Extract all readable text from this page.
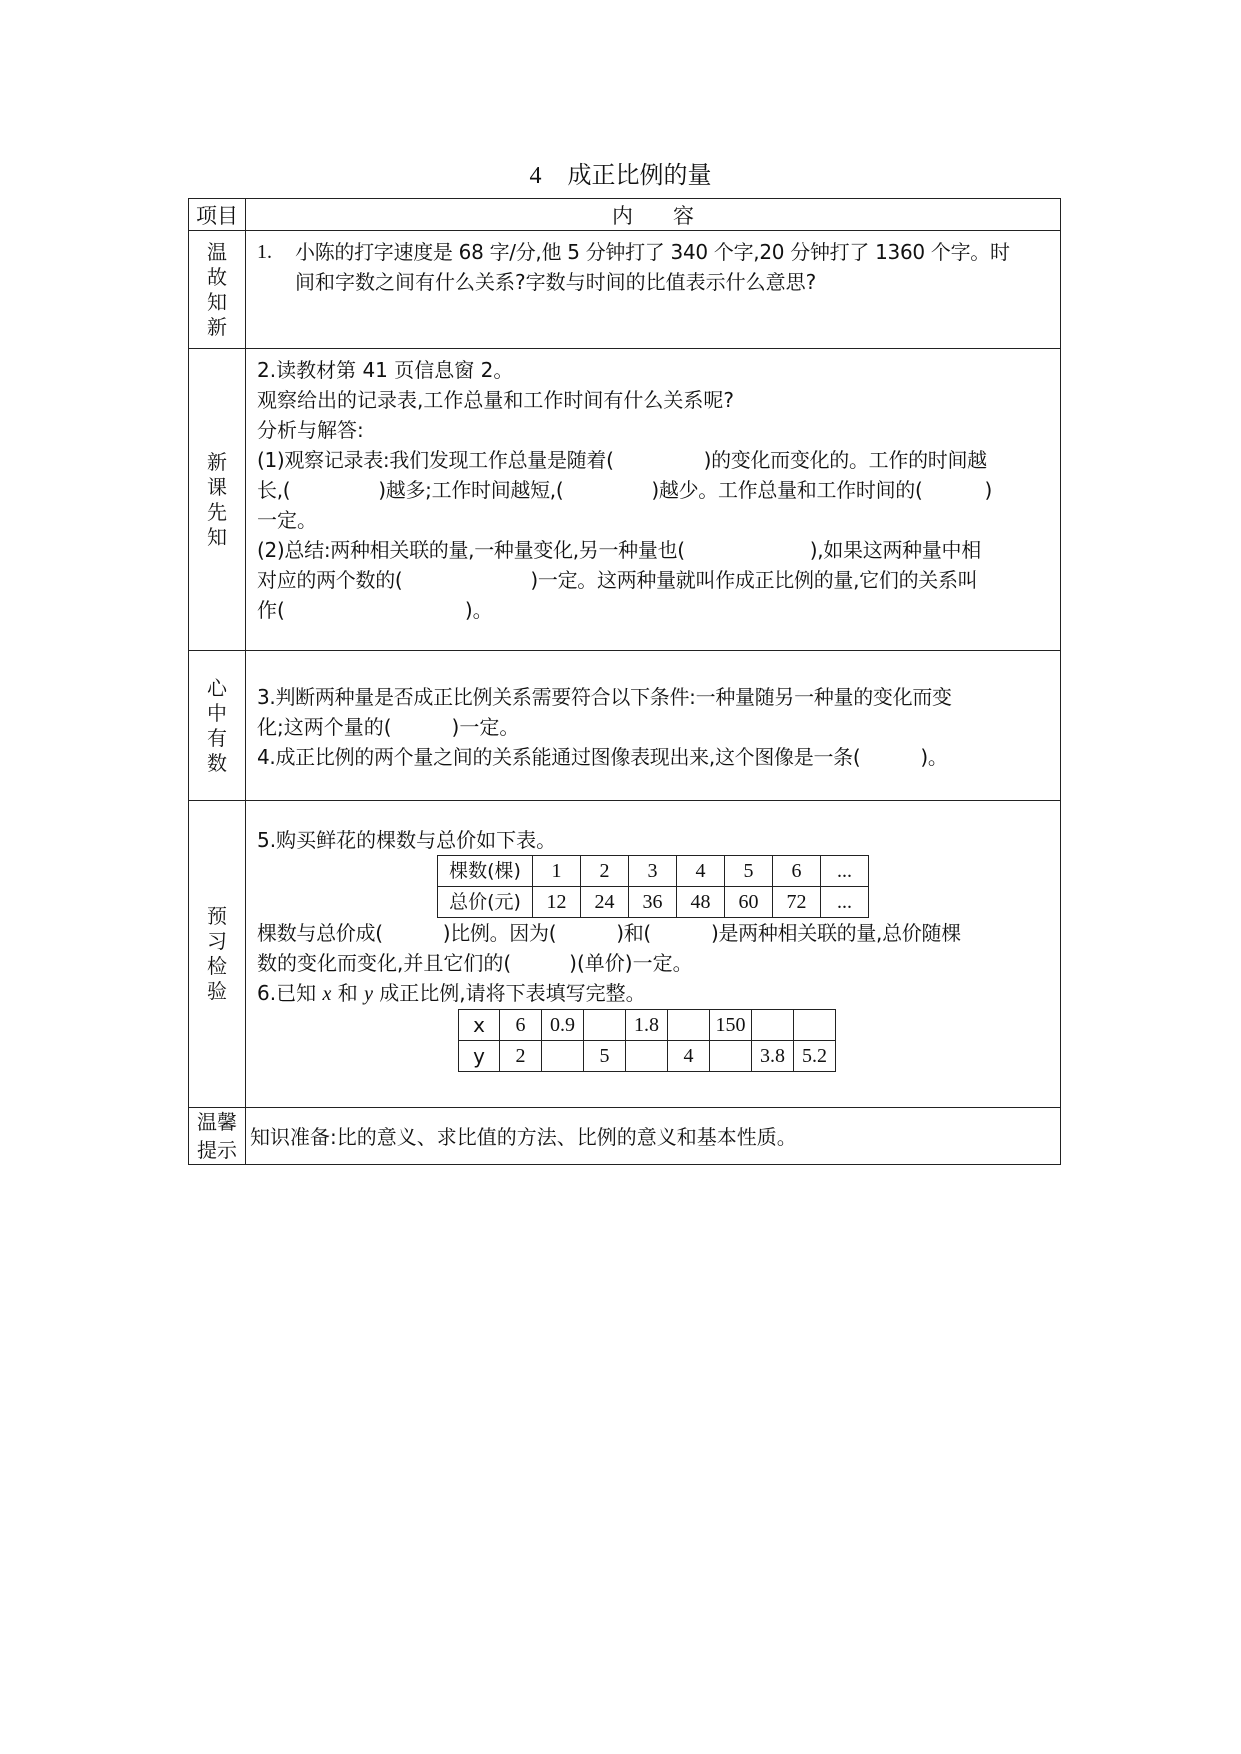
4 成正比例的量
项目	内 容
温故知新	
1.	小陈的打字速度是 68 字/分,他 5 分钟打了 340 个字,20 分钟打了 1360 个字。时
间和字数之间有什么关系?字数与时间的比值表示什么意思?

新课先知	
2.读教材第 41 页信息窗 2。
观察给出的记录表,工作总量和工作时间有什么关系呢?
分析与解答:
(1)观察记录表:我们发现工作总量是随着(	)的变化而变化的。工作的时间越
长,(	)越多;工作时间越短,(	)越少。工作总量和工作时间的(	)
一定。
(2)总结:两种相关联的量,一种量变化,另一种量也(	),如果这两种量中相
对应的两个数的(	)一定。这两种量就叫作成正比例的量,它们的关系叫
作(	)。

心中有数	
3.判断两种量是否成正比例关系需要符合以下条件:一种量随另一种量的变化而变
化;这两个量的(	)一定。
4.成正比例的两个量之间的关系能通过图像表现出来,这个图像是一条(	)。

预习检验	
5.购买鲜花的棵数与总价如下表。
棵数(棵)	1	2	3	4	5	6	...
总价(元)	12	24	36	48	60	72	...
棵数与总价成(	)比例。因为(	)和(	)是两种相关联的量,总价随棵
数的变化而变化,并且它们的(	)(单价)一定。
6.已知 x 和 y 成正比例,请将下表填写完整。
x	6	0.9		1.8		150		
y	2		5		4		3.8	5.2

温馨
提示

知识准备:比的意义、求比值的方法、比例的意义和基本性质。
